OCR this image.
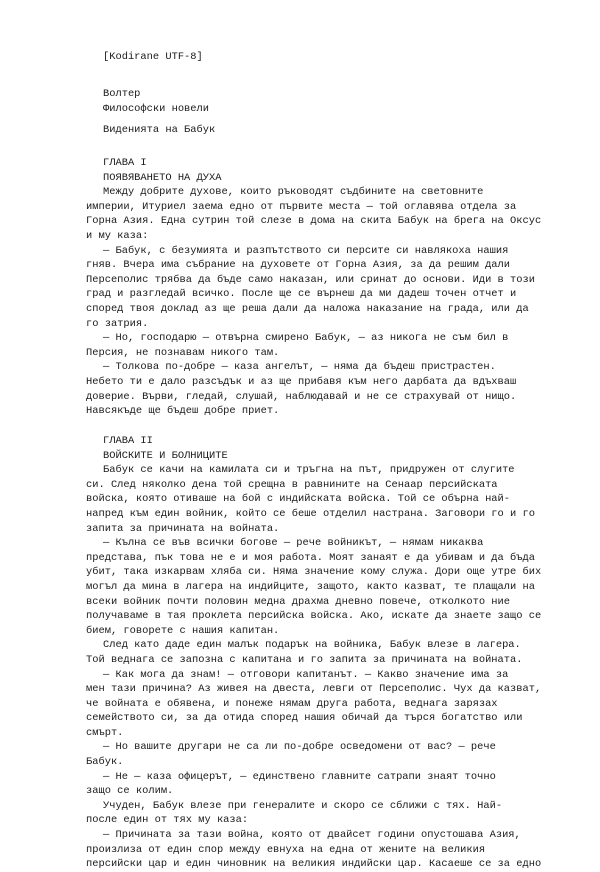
[Kodirane UTF-8]
Волтер
Философски новели
Виденията на Бабук
ГЛАВА I
ПОЯВЯВАНЕТО НА ДУХА
Между добрите духове, които ръководят съдбините на световните
империи, Итуриел заема едно от първите места — той оглавява отдела за
Горна Азия. Една сутрин той слезе в дома на скита Бабук на брега на Оксус
и му каза:
— Бабук, с безумията и разпътството си персите си навлякоха нашия
гняв. Вчера има събрание на духовете от Горна Азия, за да решим дали
Персеполис трябва да бъде само наказан, или сринат до основи. Иди в този
град и разгледай всичко. После ще се върнеш да ми дадеш точен отчет и
според твоя доклад аз ще реша дали да наложа наказание на града, или да
го затрия.
— Но, господарю — отвърна смирено Бабук, — аз никога не съм бил в
Персия, не познавам никого там.
— Толкова по-добре — каза ангелът, — няма да бъдеш пристрастен.
Небето ти е дало разсъдък и аз ще прибавя към него дарбата да вдъхваш
доверие. Върви, гледай, слушай, наблюдавай и не се страхувай от нищо.
Навсякъде ще бъдеш добре приет.
ГЛАВА II
ВОЙСКИТЕ И БОЛНИЦИТЕ
Бабук се качи на камилата си и тръгна на път, придружен от слугите
си. След няколко дена той срещна в равнините на Сенаар персийската
войска, която отиваше на бой с индийската войска. Той се обърна най-
напред към един войник, който се беше отделил настрана. Заговори го и го
запита за причината на войната.
— Кълна се във всички богове — рече войникът, — нямам никаква
представа, пък това не е и моя работа. Моят занаят е да убивам и да бъда
убит, така изкарвам хляба си. Няма значение кому служа. Дори още утре бих
могъл да мина в лагера на индийците, защото, както казват, те плащали на
всеки войник почти половин медна драхма дневно повече, отколкото ние
получаваме в тая проклета персийска войска. Ако, искате да знаете защо се
бием, говорете с нашия капитан.
След като даде един малък подарък на войника, Бабук влезе в лагера.
Той веднага се запозна с капитана и го запита за причината на войната.
— Как мога да знам! — отговори капитанът. — Какво значение има за
мен тази причина? Аз живея на двеста, левги от Персеполис. Чух да казват,
че войната е обявена, и понеже нямам друга работа, веднага зарязах
семейството си, за да отида според нашия обичай да търся богатство или
смърт.
— Но вашите другари не са ли по-добре осведомени от вас? — рече
Бабук.
— Не — каза офицерът, — единствено главните сатрапи знаят точно
защо се колим.
Учуден, Бабук влезе при генералите и скоро се сближи с тях. Най-
после един от тях му каза:
— Причината за тази война, която от двайсет години опустошава Азия,
произлиза от един спор между евнуха на една от жените на великия
персийски цар и един чиновник на великия индийски цар. Касаеше се за едно
